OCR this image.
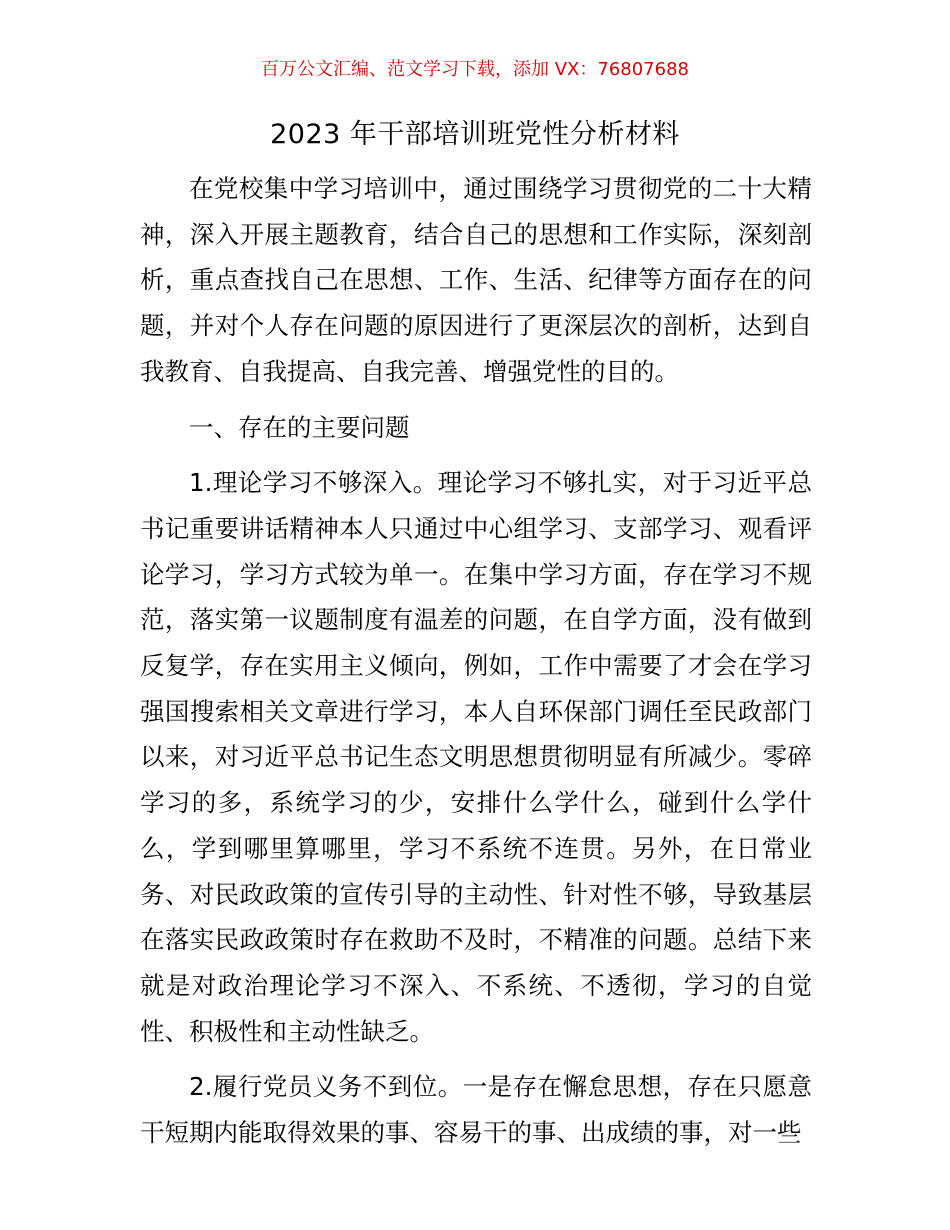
百万公文汇编、范文学习下载，添加 VX：76807688
2023 年干部培训班党性分析材料

在党校集中学习培训中，通过围绕学习贯彻党的二十大精神，深入开展主题教育，结合自己的思想和工作实际，深刻剖析，重点查找自己在思想、工作、生活、纪律等方面存在的问题，并对个人存在问题的原因进行了更深层次的剖析，达到自我教育、自我提高、自我完善、增强党性的目的。

一、存在的主要问题

1.理论学习不够深入。理论学习不够扎实，对于习近平总书记重要讲话精神本人只通过中心组学习、支部学习、观看评论学习，学习方式较为单一。在集中学习方面，存在学习不规范，落实第一议题制度有温差的问题，在自学方面，没有做到反复学，存在实用主义倾向，例如，工作中需要了才会在学习强国搜索相关文章进行学习，本人自环保部门调任至民政部门以来，对习近平总书记生态文明思想贯彻明显有所减少。零碎学习的多，系统学习的少，安排什么学什么，碰到什么学什么，学到哪里算哪里，学习不系统不连贯。另外，在日常业务、对民政政策的宣传引导的主动性、针对性不够，导致基层在落实民政政策时存在救助不及时，不精准的问题。总结下来就是对政治理论学习不深入、不系统、不透彻，学习的自觉性、积极性和主动性缺乏。

2.履行党员义务不到位。一是存在懈怠思想，存在只愿意干短期内能取得效果的事、容易干的事、出成绩的事，对一些
